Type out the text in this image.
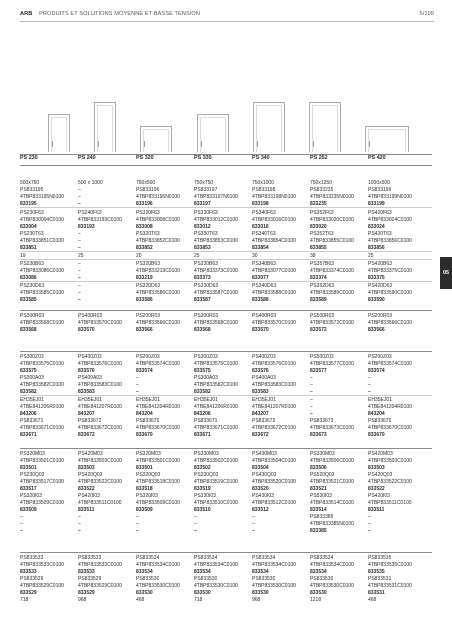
ARB PRODUITS ET SOLUTIONS MOYENNE ET BASSE TENSION	5/109
PS 230	PS 240	PS 320	PS 330	PS 340	PS 252	PS 420
05
500x750	500 x 1000	750x500	750x750	750x1000	750x1250	1000x500
PS833195	–	PS833196	PS833197	PS833198	PS833235	PS833199
4TBP833195N0100	–	4TBP833196N0100	4TBP833197N0100	4TBP833198N0100	4TBP833235N0100	4TBP833199N0100
833195	–	833196	833197	833198	833235	833199
PS230F63	PS240F63	PS320F63	PS330F63	PS340F63	PS352F63	PS420F63
4TBP830004C0100	4TBP833193C0100	4TBP833008C0100	4TBP833012C0100	4TBP833016C0100	4TBP833020C0100	4TBP833024C0100
833004	833193	833008	833012	833016	833020	833024
PS230T63	–	PS320T63	PS330T63	PS340T63	PS352T63	PS420T63
4TBP833851C0100	–	4TBP833852C0100	4TBP833853C0100	4TBP833854C0100	4TBP833855C0100	4TBP833856C0100
833851	–	833852	833853	833854	833855	833856
19	25	20	25	30	38	25
PS230B63	–	PS320B63	PS330B63	PS340B63	PS357B63	PS420B63
4TBP833086C0100	–	4TBP833219C0100	4TBP833373C0100	4TBP833077C0100	4TBP833374C0100	4TBP833375C0100
833086	–	833219	833373	833077	833374	833375
PS230D63	–	PS320D63	PS330D63	PS340D63	PS352D63	PS420D63
4TBP833585C0100	–	4TBP833586C0100	4TBP833587C0100	4TBP833588C0100	4TBP833589C0100	4TBP833590C0100
833585	–	833586	833587	833588	833589	833590
PS300R03	PS400R03	PS200R03	PS300R03	PS400R03	PS500R03	PS200R03
4TBP833568C0100	4TBP833570C0100	4TBP833566C0100	4TBP833568C0100	4TBP833570C0100	4TBP833572C0100	4TBP833566C0100
833568	833570	833566	833568	833570	833572	833566
PS300Z03	PS400Z03	PS200Z03	PS300Z03	PS400Z03	PS500Z03	PS200Z03
4TBP833575C0100	4TBP833576C0100	4TBP833574C0100	4TBP833575C0100	4TBP833576C0100	4TBP833577C0100	4TBP833574C0100
833575	833576	833574	833575	833576	833577	833574
PS300A03	PS400A03	–	PS300A03	PS400A03	–	–
4TBP833582C0100	4TBP833583C0100	–	4TBP833582C0100	4TBP833583C0100	–	–
833582	833583	–	833582	833583	–	–
EH35EJ01	EH35EJ01	EH35EJ01	EH35EJ01	EH35EJ01	–	EH35EJ01
4TBE841206R0100	4TBE841207R0100	4TBE841204R0100	4TBE841206R0100	4TBE841207R0100	–	4TBE841204R0100
843206	843207	843204	843206	843207	–	843204
PS833671	PS833672	PS833670	PS833671	PS833672	PS833673	PS833670
4TBP833671C0100	4TBP833672C0100	4TBP833670C0100	4TBP833671C0100	4TBP833672C0100	4TBP833673C0100	4TBP833670C0100
833671	833672	833670	833671	833672	833673	833670
PS320M03	PS420M03	PS320M03	PS330M03	PS430M03	PS330M03	PS420M03
4TBP833501C0100	4TBP833503C0100	4TBP833501C0100	4TBP833502C0100	4TBP833504C0100	4TBP833506C0100	4TBP833503C0100
833501	833503	833501	833502	833504	833506	833503
PS230Q03	PS420Q03	PS320Q03	PS330Q03	PS430Q03	PS520Q03	PS420Q03
4TBP833517C0100	4TBP833522C0100	4TBP833518C0100	4TBP833519C0100	4TBP833520C0100	4TBP833521C0100	4TBP833522C0100
833517	833522	833518	833519	833520	833521	833522
PS320I03	PS420I03	PS320I03	PS330I03	PS430I03	PS530I03	PS420I03
4TBP833509C0100	4TBP833511C0100	4TBP833509C0100	4TBP833510C0100	4TBP833512C0100	4TBP833514C0100	4TBP833511C0100
833509	833511	833509	833510	833512	833514	833511
–	–	–	–	–	PS833385	–
–	–	–	–	–	4TBP833385N0100	–
–	–	–	–	–	833385	–
PS833533	PS833533	PS833534	PS833534	PS833534	PS833534	PS833535
4TBP833533C0100	4TBP833533C0100	4TBP833534C0100	4TBP833534C0100	4TBP833534C0100	4TBP833534C0100	4TBP833535C0100
833533	833533	833534	833534	833534	833534	833535
PS833529	PS833529	PS833530	PS833530	PS833530	PS833530	PS833531
4TBP833529C0100	4TBP833529C0100	4TBP833530C0100	4TBP833530C0100	4TBP833530C0100	4TBP833530C0100	4TBP833531C0100
833529	833529	833530	833530	833530	833530	833531
718	968	468	718	968	1218	468
